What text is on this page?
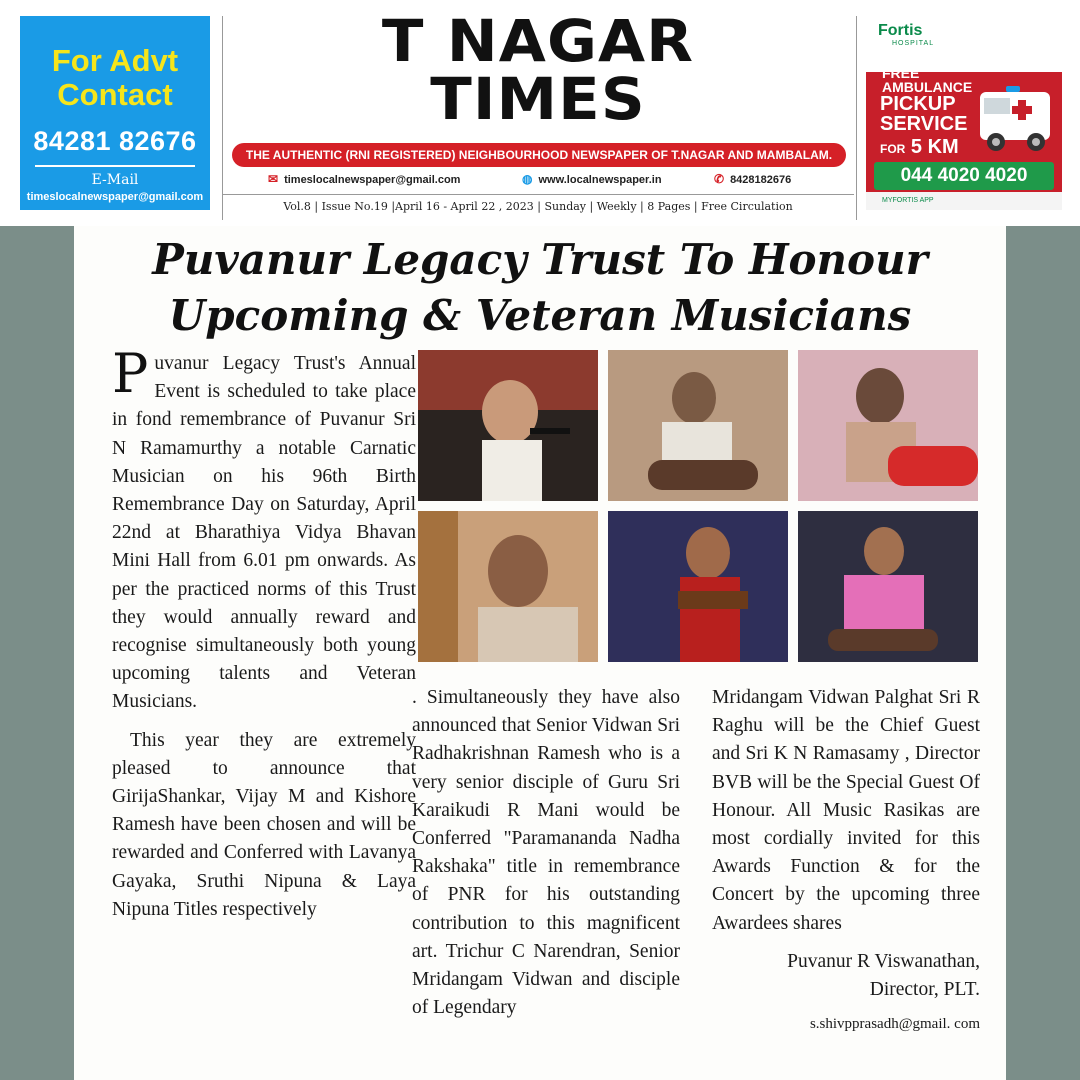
For Advt
Contact
84281 82676
E-Mail
timeslocalnewspaper@gmail.com
T NAGAR
TIMES
THE AUTHENTIC (RNI REGISTERED) NEIGHBOURHOOD NEWSPAPER OF T.NAGAR AND MAMBALAM.
✉ timeslocalnewspaper@gmail.com	◍ www.localnewspaper.in	✆ 8428182676
Vol.8 | Issue No.19 |April 16 - April 22 , 2023 | Sunday | Weekly | 8 Pages | Free Circulation
Fortis
HOSPITAL
FREE
AMBULANCE
PICKUP
SERVICE
FOR 5 KM
044 4020 4020
MYFORTIS APP
Puvanur Legacy Trust To Honour
Upcoming & Veteran Musicians

Puvanur Legacy Trust's Annual Event is scheduled to take place in fond remembrance of Puvanur Sri N Ramamurthy a notable Carnatic Musician on his 96th Birth Remembrance Day on Saturday, April 22nd at Bharathiya Vidya Bhavan Mini Hall from 6.01 pm onwards. As per the practiced norms of this Trust they would annually reward and recognise simultaneously both young upcoming talents and Veteran Musicians.

This year they are extremely pleased to announce that GirijaShankar, Vijay M and Kishore Ramesh have been chosen and will be rewarded and Conferred with Lavanya Gayaka, Sruthi Nipuna & Laya Nipuna Titles respectively

. Simultaneously they have also announced that Senior Vidwan Sri Radhakrishnan Ramesh who is a very senior disciple of Guru Sri Karaikudi R Mani would be Conferred "Paramananda Nadha Rakshaka" title in remembrance of PNR for his outstanding contribution to this magnificent art. Trichur C Narendran, Senior Mridangam Vidwan and disciple of Legendary

Mridangam Vidwan Palghat Sri R Raghu will be the Chief Guest and Sri K N Ramasamy , Director BVB will be the Special Guest Of Honour. All Music Rasikas are most cordially invited for this Awards Function & for the Concert by the upcoming three Awardees shares

Puvanur R Viswanathan, Director, PLT.

s.shivpprasadh@gmail. com
